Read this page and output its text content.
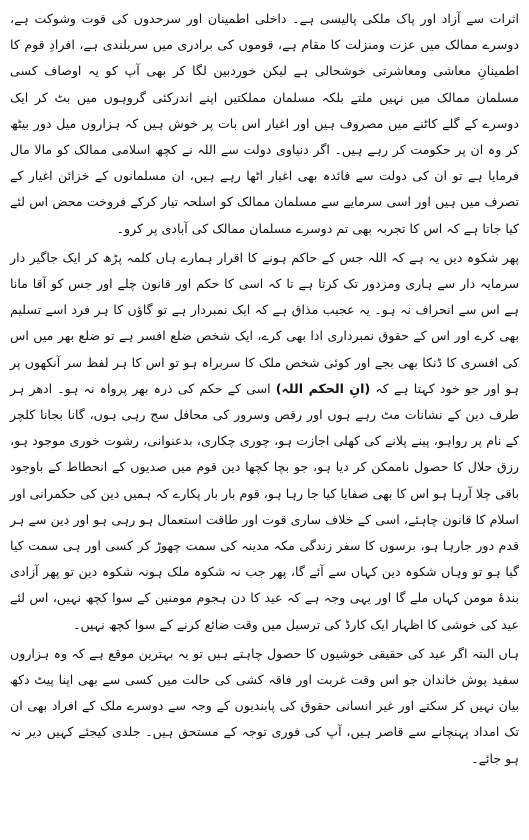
اثرات سے آزاد اور پاک ملکی پالیسی ہے۔ داخلی اطمینان اور سرحدوں کی قوت وشوکت ہے، دوسرے ممالک میں عزت ومنزلت کا مقام ہے، قوموں کی برادری میں سربلندی ہے، افرادِ قوم کا اطمینانِ معاشی ومعاشرتی خوشحالی ہے لیکن خوردبین لگا کر بھی آپ کو یہ اوصاف کسی مسلمان ممالک میں نہیں ملتے بلکہ مسلمان مملکتیں اپنے اندرکئی گروہوں میں بٹ کر ایک دوسرے کے گلے کاٹنے میں مصروف ہیں اور اغیار اس بات پر خوش ہیں کہ ہزاروں میل دور بیٹھ کر وہ ان پر حکومت کر رہے ہیں۔ اگر دنیاوی دولت سے اللہ نے کچھ اسلامی ممالک کو مالا مال فرمایا ہے تو ان کی دولت سے فائدہ بھی اغیار اٹھا رہے ہیں، ان مسلمانوں کے خزائن اغیار کے تصرف میں ہیں اور اسی سرمایے سے مسلمان ممالک کو اسلحہ تیار کرکے فروخت محض اس لئے کیا جاتا ہے کہ اس کا تجربہ بھی تم دوسرے مسلمان ممالک کی آبادی پر کرو۔

پھر شکوہ دیں یہ ہے کہ اللہ جس کے حاکم ہونے کا اقرار ہمارے ہاں کلمہ پڑھ کر ایک جاگیر دار سرمایہ دار سے ہاری ومزدور تک کرتا ہے تا کہ اسی کا حکم اور قانون چلے اور جس کو آقا مانا ہے اس سے انحراف نہ ہو۔ یہ عجیب مذاق ہے کہ ایک نمبردار ہے تو گاؤں کا ہر فرد اسے تسلیم بھی کرے اور اس کے حقوق نمبرداری ادا بھی کرے، ایک شخص ضلع افسر ہے تو ضلع بھر میں اس کی افسری کا ڈنکا بھی بجے اور کوئی شخص ملک کا سربراہ ہو تو اس کا ہر لفظ سر آنکھوں پر ہو اور جو خود کہتا ہے کہ (انِ الحکم اللہ) اسی کے حکم کی ذرہ بھر پرواہ نہ ہو۔ ادھر ہر طرف دین کے نشانات مٹ رہے ہوں اور رقص وسرور کی محافل سج رہی ہوں، گانا بجانا کلچر کے نام پر رواہو، پینے پلانے کی کھلی اجازت ہو، چوری چکاری، بدعنوانی، رشوت خوری موجود ہو، رزق حلال کا حصول ناممکن کر دیا ہو، جو بچا کچھا دین قوم میں صدیوں کے انحطاط کے باوجود باقی چلا آرہا ہو اس کا بھی صفایا کیا جا رہا ہو، قوم بار بار پکارے کہ ہمیں دین کی حکمرانی اور اسلام کا قانون چاہئے، اسی کے خلاف ساری قوت اور طاقت استعمال ہو رہی ہو اور دین سے ہر قدم دور جارہا ہو، برسوں کا سفر زندگی مکہ مدینہ کی سمت چھوڑ کر کسی اور ہی سمت کیا گیا ہو تو وہاں شکوہ دین کہاں سے آئے گا، پھر جب نہ شکوہ ملک ہونہ شکوہ دین تو پھر آزادی بندۂ مومن کہاں ملے گا اور یہی وجہ ہے کہ عید کا دن ہجوم مومنین کے سوا کچھ نہیں، اس لئے عید کی خوشی کا اظہار ایک کارڈ کی ترسیل میں وقت ضائع کرنے کے سوا کچھ نہیں۔

ہاں البتہ اگر عید کی حقیقی خوشیوں کا حصول چاہتے ہیں تو یہ بہترین موقع ہے کہ وہ ہزاروں سفید پوش خاندان جو اس وقت غربت اور فاقہ کشی کی حالت میں کسی سے بھی اپنا پیٹ دکھ بیان نہیں کر سکتے اور غیر انسانی حقوق کی پابندیوں کے وجہ سے دوسرے ملک کے افراد بھی ان تک امداد پہنچانے سے قاصر ہیں، آپ کی فوری توجہ کے مستحق ہیں۔ جلدی کیجئے کہیں دیر نہ ہو جائے۔
